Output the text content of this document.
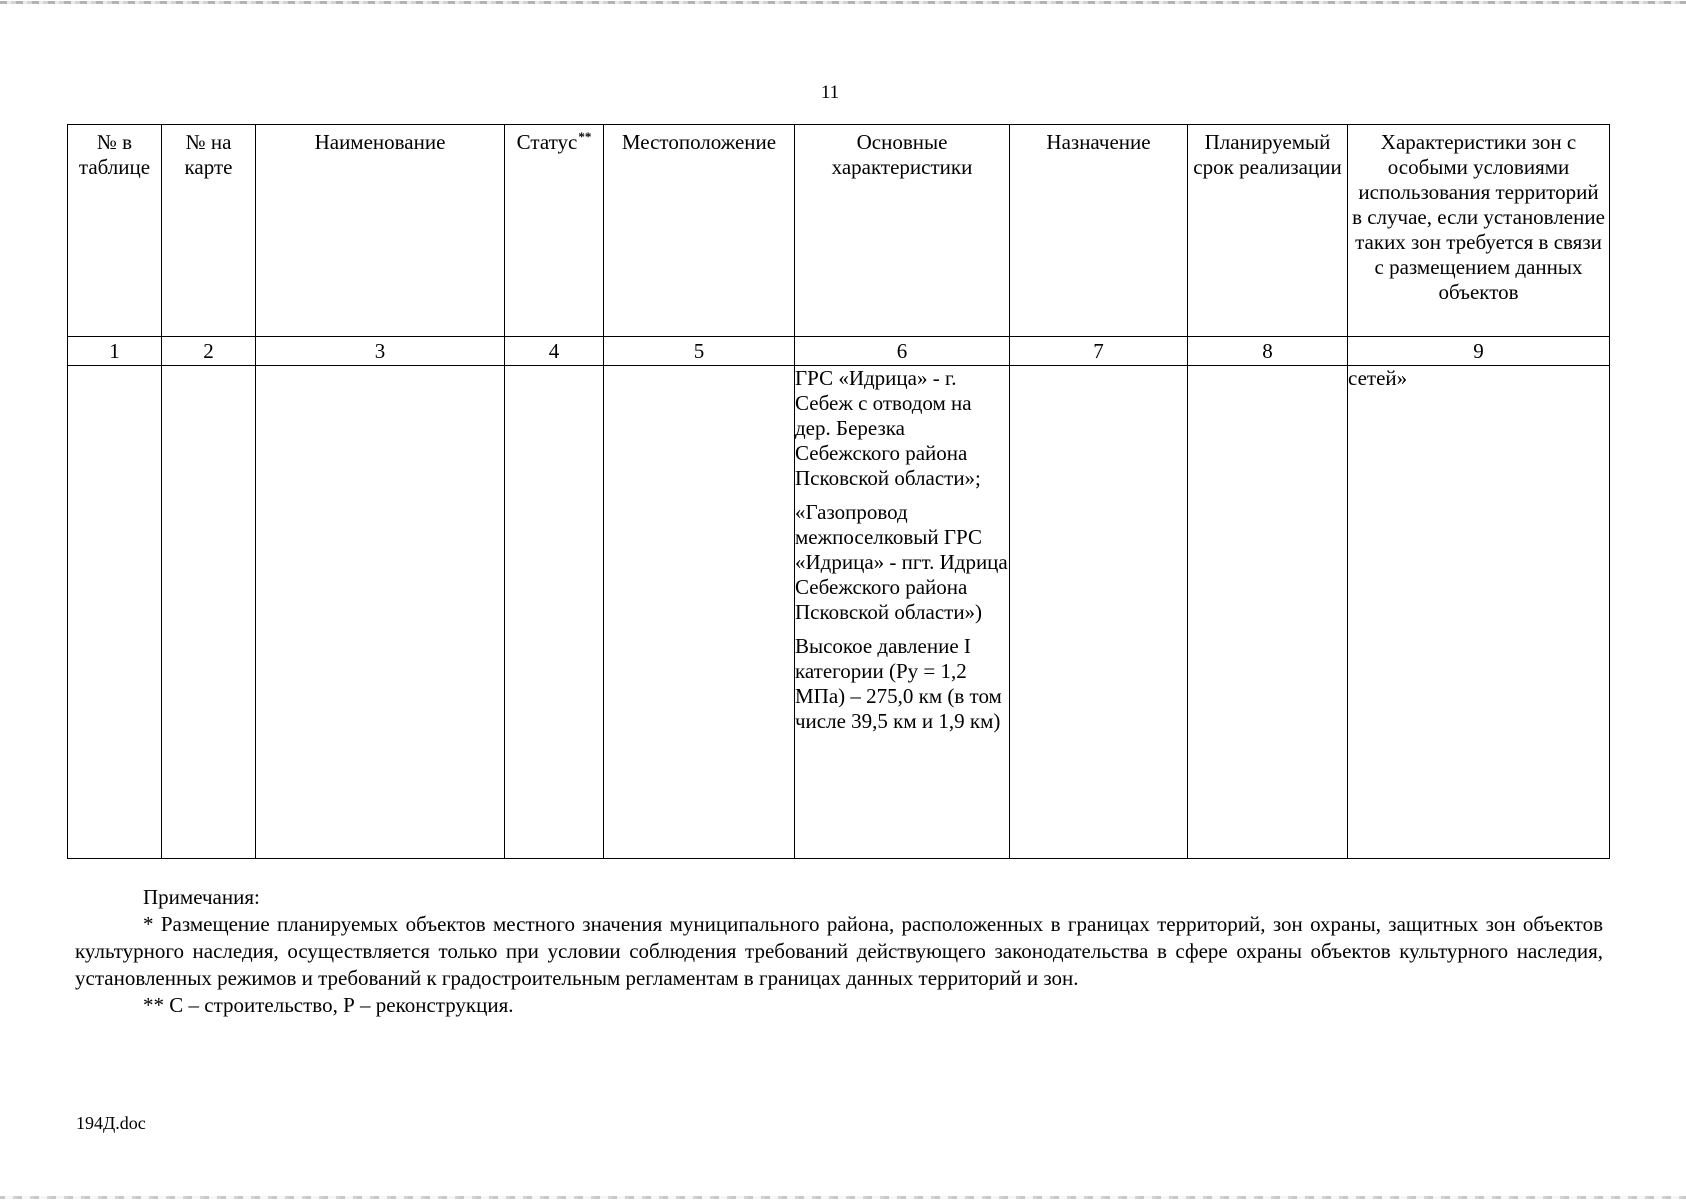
11
№ в таблице	№ на карте	Наименование	Статус**	Местоположение	Основные характеристики	Назначение	Планируемый срок реализации	Характеристики зон с особыми условиями использования территорий в случае, если установление таких зон требуется в связи с размещением данных объектов
1	2	3	4	5	6	7	8	9

					ГРС «Идрица» - г. Себеж с отводом на дер. Березка Себежского района Псковской области»;

«Газопровод межпоселковый ГРС «Идрица» - пгт. Идрица Себежского района Псковской области»)

Высокое давление I категории (Ру = 1,2 МПа) – 275,0 км (в том числе 39,5 км и 1,9 км)			сетей»

Примечания:

* Размещение планируемых объектов местного значения муниципального района, расположенных в границах территорий, зон охраны, защитных зон объектов культурного наследия, осуществляется только при условии соблюдения требований действующего законодательства в сфере охраны объектов культурного наследия, установленных режимов и требований к градостроительным регламентам в границах данных территорий и зон.

** С – строительство, Р – реконструкция.

194Д.doc
